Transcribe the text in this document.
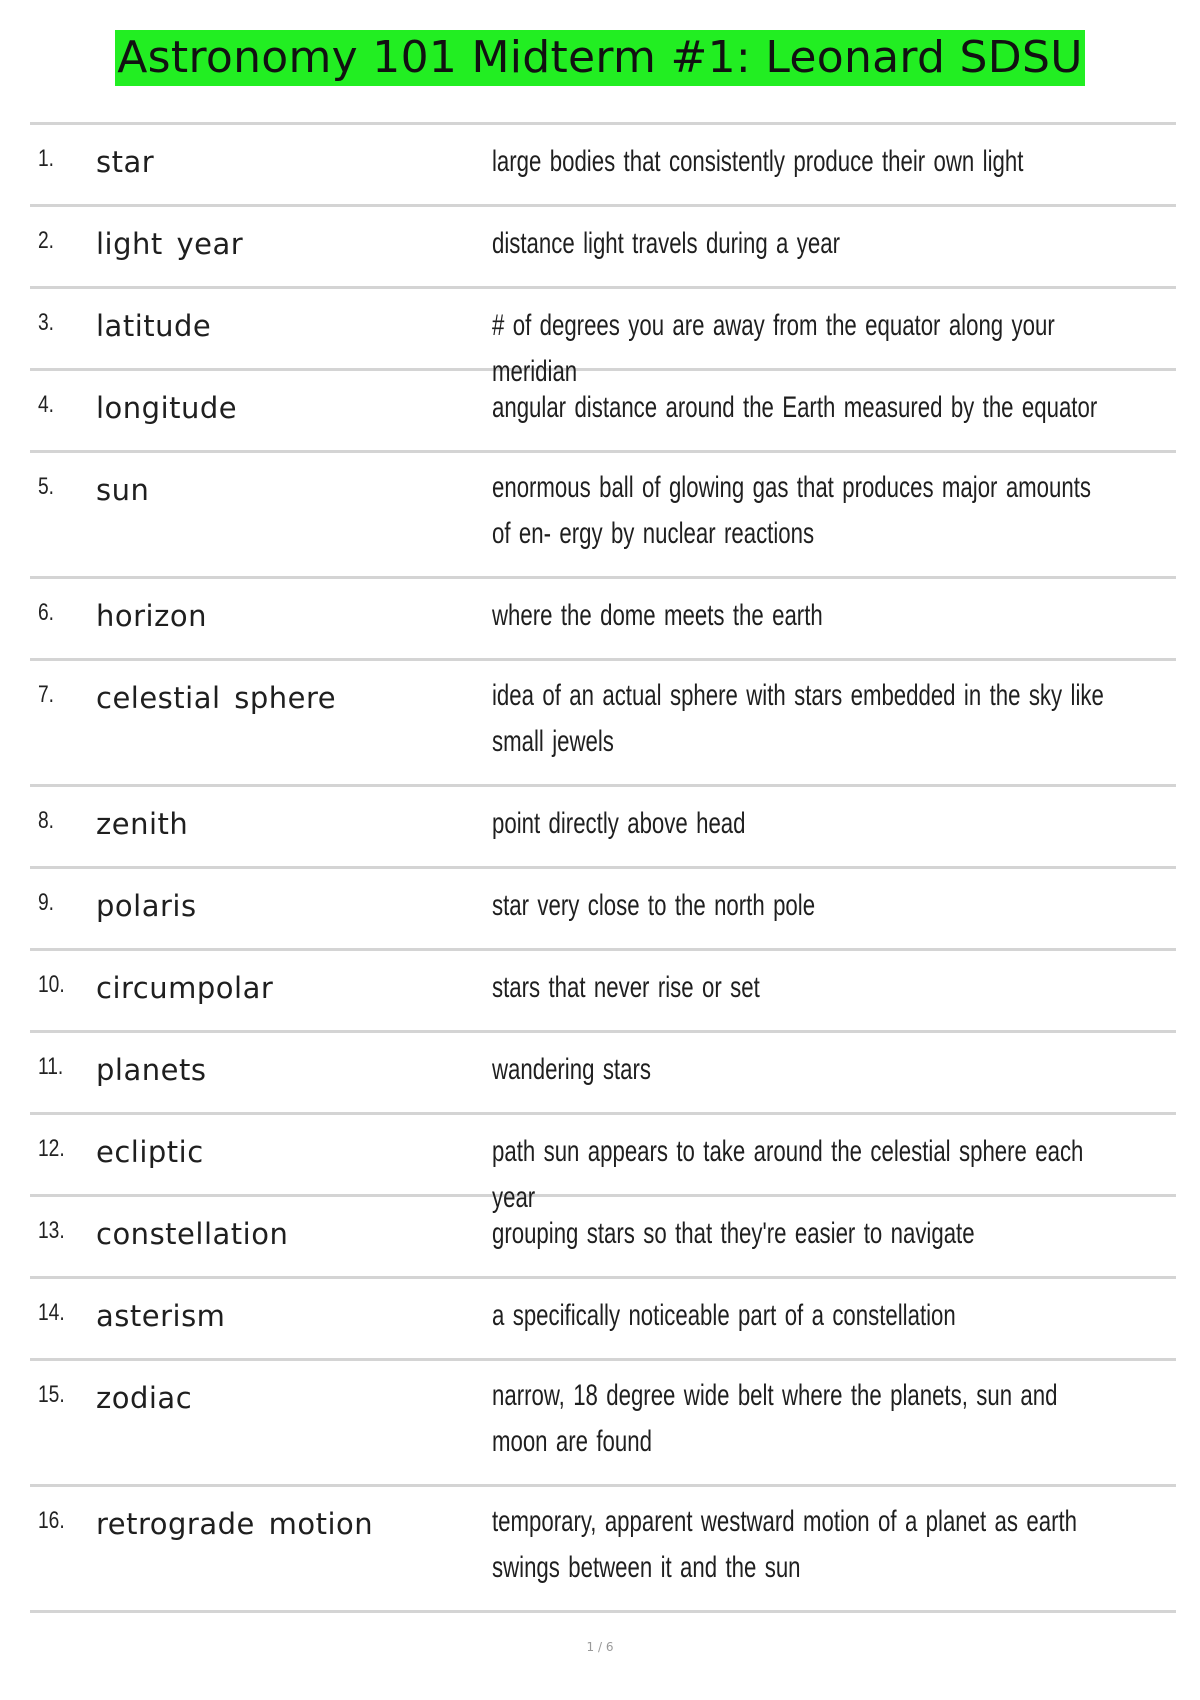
Astronomy 101 Midterm #1: Leonard SDSU
1. star	large bodies that consistently produce their own light
2. light year	distance light travels during a year
3. latitude	# of degrees you are away from the equator along your meridian
4. longitude	angular distance around the Earth measured by the equator
5. sun	enormous ball of glowing gas that produces major amounts of en- ergy by nuclear reactions
6. horizon	where the dome meets the earth
7. celestial sphere	idea of an actual sphere with stars embedded in the sky like small jewels
8. zenith	point directly above head
9. polaris	star very close to the north pole
10. circumpolar	stars that never rise or set
11. planets	wandering stars
12. ecliptic	path sun appears to take around the celestial sphere each year
13. constellation	grouping stars so that they're easier to navigate
14. asterism	a specifically noticeable part of a constellation
15. zodiac	narrow, 18 degree wide belt where the planets, sun and moon are found
16. retrograde motion	temporary, apparent westward motion of a planet as earth swings between it and the sun
1 / 6
